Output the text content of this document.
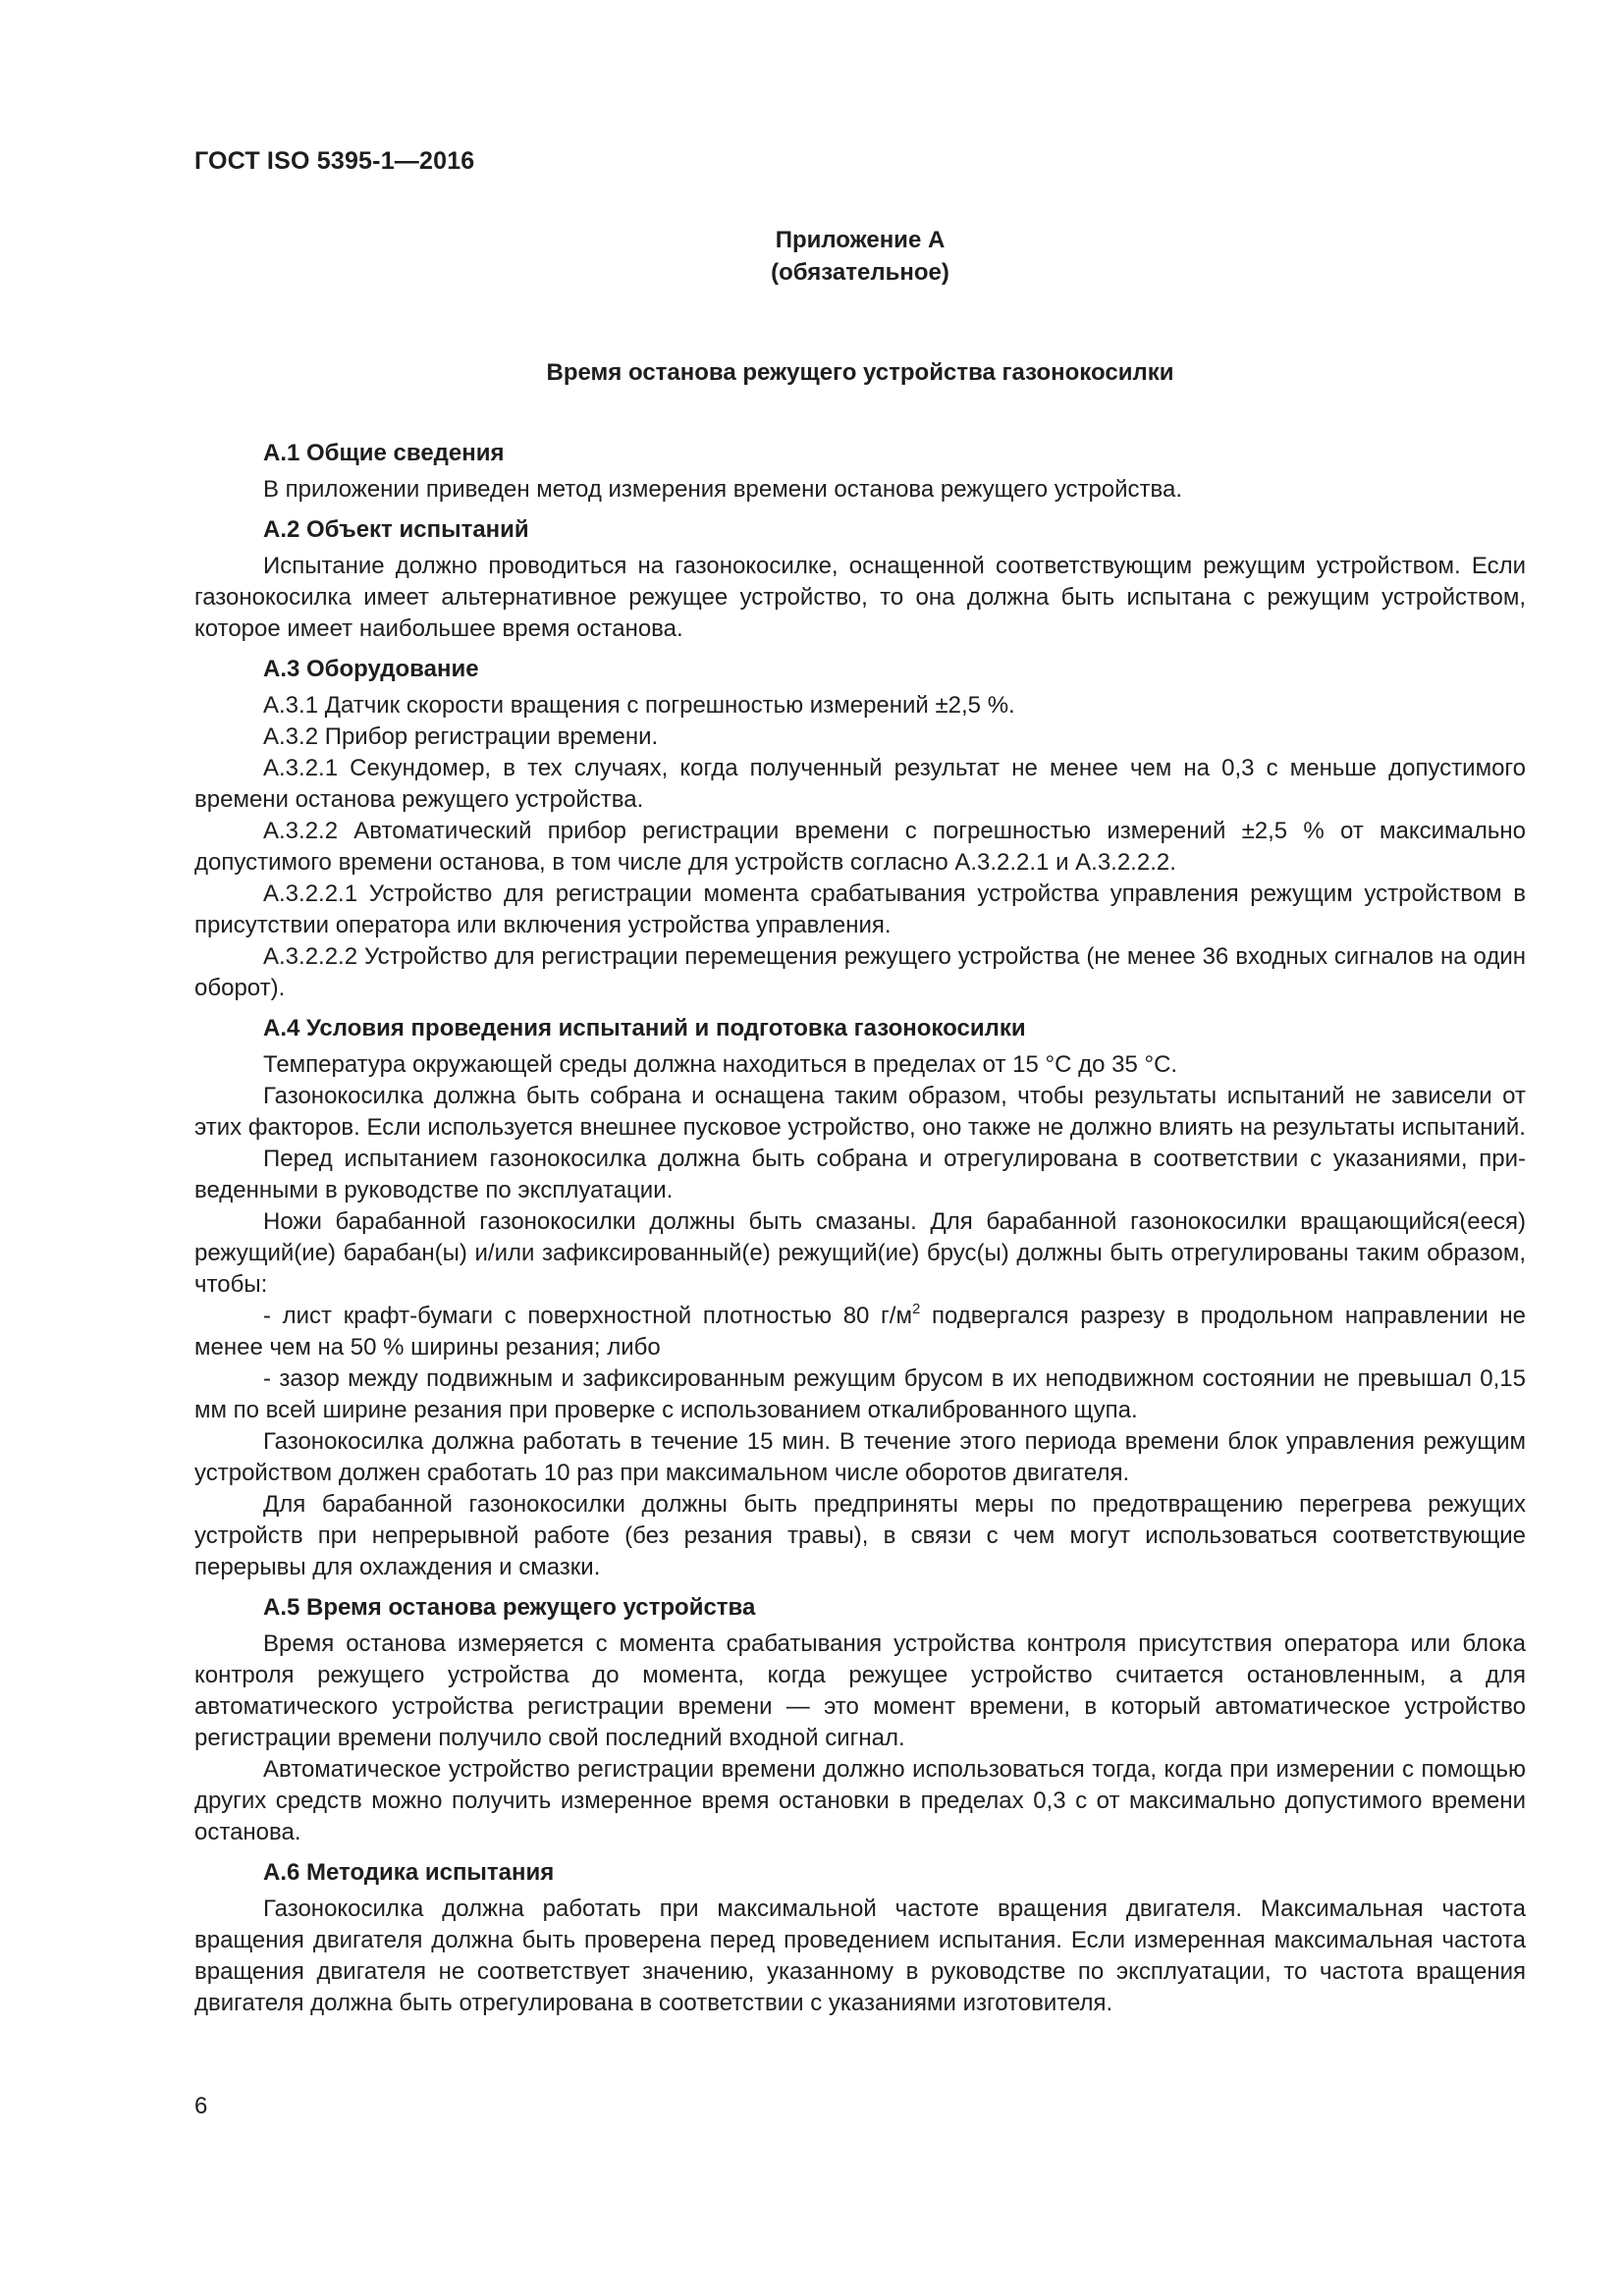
ГОСТ ISO 5395-1—2016
Приложение А
(обязательное)
Время останова режущего устройства газонокосилки

А.1 Общие сведения

В приложении приведен метод измерения времени останова режущего устройства.

А.2 Объект испытаний

Испытание должно проводиться на газонокосилке, оснащенной соответствующим режущим устройством. Если газонокосилка имеет альтернативное режущее устройство, то она должна быть испытана с режущим устройством, которое имеет наибольшее время останова.

А.3 Оборудование

А.3.1 Датчик скорости вращения с погрешностью измерений ±2,5 %.

А.3.2 Прибор регистрации времени.

А.3.2.1 Секундомер, в тех случаях, когда полученный результат не менее чем на 0,3 с меньше допустимого времени останова режущего устройства.

А.3.2.2 Автоматический прибор регистрации времени с погрешностью измерений ±2,5 % от максимально допустимого времени останова, в том числе для устройств согласно А.3.2.2.1 и А.3.2.2.2.

А.3.2.2.1 Устройство для регистрации момента срабатывания устройства управления режущим устройством в присутствии оператора или включения устройства управления.

А.3.2.2.2 Устройство для регистрации перемещения режущего устройства (не менее 36 входных сигналов на один оборот).

А.4 Условия проведения испытаний и подготовка газонокосилки

Температура окружающей среды должна находиться в пределах от 15 °С до 35 °С.

Газонокосилка должна быть собрана и оснащена таким образом, чтобы результаты испытаний не зависели от этих факторов. Если используется внешнее пусковое устройство, оно также не должно влиять на результаты испытаний.

Перед испытанием газонокосилка должна быть собрана и отрегулирована в соответствии с указаниями, приведенными в руководстве по эксплуатации.

Ножи барабанной газонокосилки должны быть смазаны. Для барабанной газонокосилки вращающийся(ееся) режущий(ие) барабан(ы) и/или зафиксированный(е) режущий(ие) брус(ы) должны быть отрегулированы таким образом, чтобы:

- лист крафт-бумаги с поверхностной плотностью 80 $г/м^2$ подвергался разрезу в продольном направлении не менее чем на 50 % ширины резания; либо

- зазор между подвижным и зафиксированным режущим брусом в их неподвижном состоянии не превышал 0,15 мм по всей ширине резания при проверке с использованием откалиброванного щупа.

Газонокосилка должна работать в течение 15 мин. В течение этого периода времени блок управления режущим устройством должен сработать 10 раз при максимальном числе оборотов двигателя.

Для барабанной газонокосилки должны быть предприняты меры по предотвращению перегрева режущих устройств при непрерывной работе (без резания травы), в связи с чем могут использоваться соответствующие перерывы для охлаждения и смазки.

А.5 Время останова режущего устройства

Время останова измеряется с момента срабатывания устройства контроля присутствия оператора или блока контроля режущего устройства до момента, когда режущее устройство считается остановленным, а для автоматического устройства регистрации времени — это момент времени, в который автоматическое устройство регистрации времени получило свой последний входной сигнал.

Автоматическое устройство регистрации времени должно использоваться тогда, когда при измерении с помощью других средств можно получить измеренное время остановки в пределах 0,3 с от максимально допустимого времени останова.

А.6 Методика испытания

Газонокосилка должна работать при максимальной частоте вращения двигателя. Максимальная частота вращения двигателя должна быть проверена перед проведением испытания. Если измеренная максимальная частота вращения двигателя не соответствует значению, указанному в руководстве по эксплуатации, то частота вращения двигателя должна быть отрегулирована в соответствии с указаниями изготовителя.

6
